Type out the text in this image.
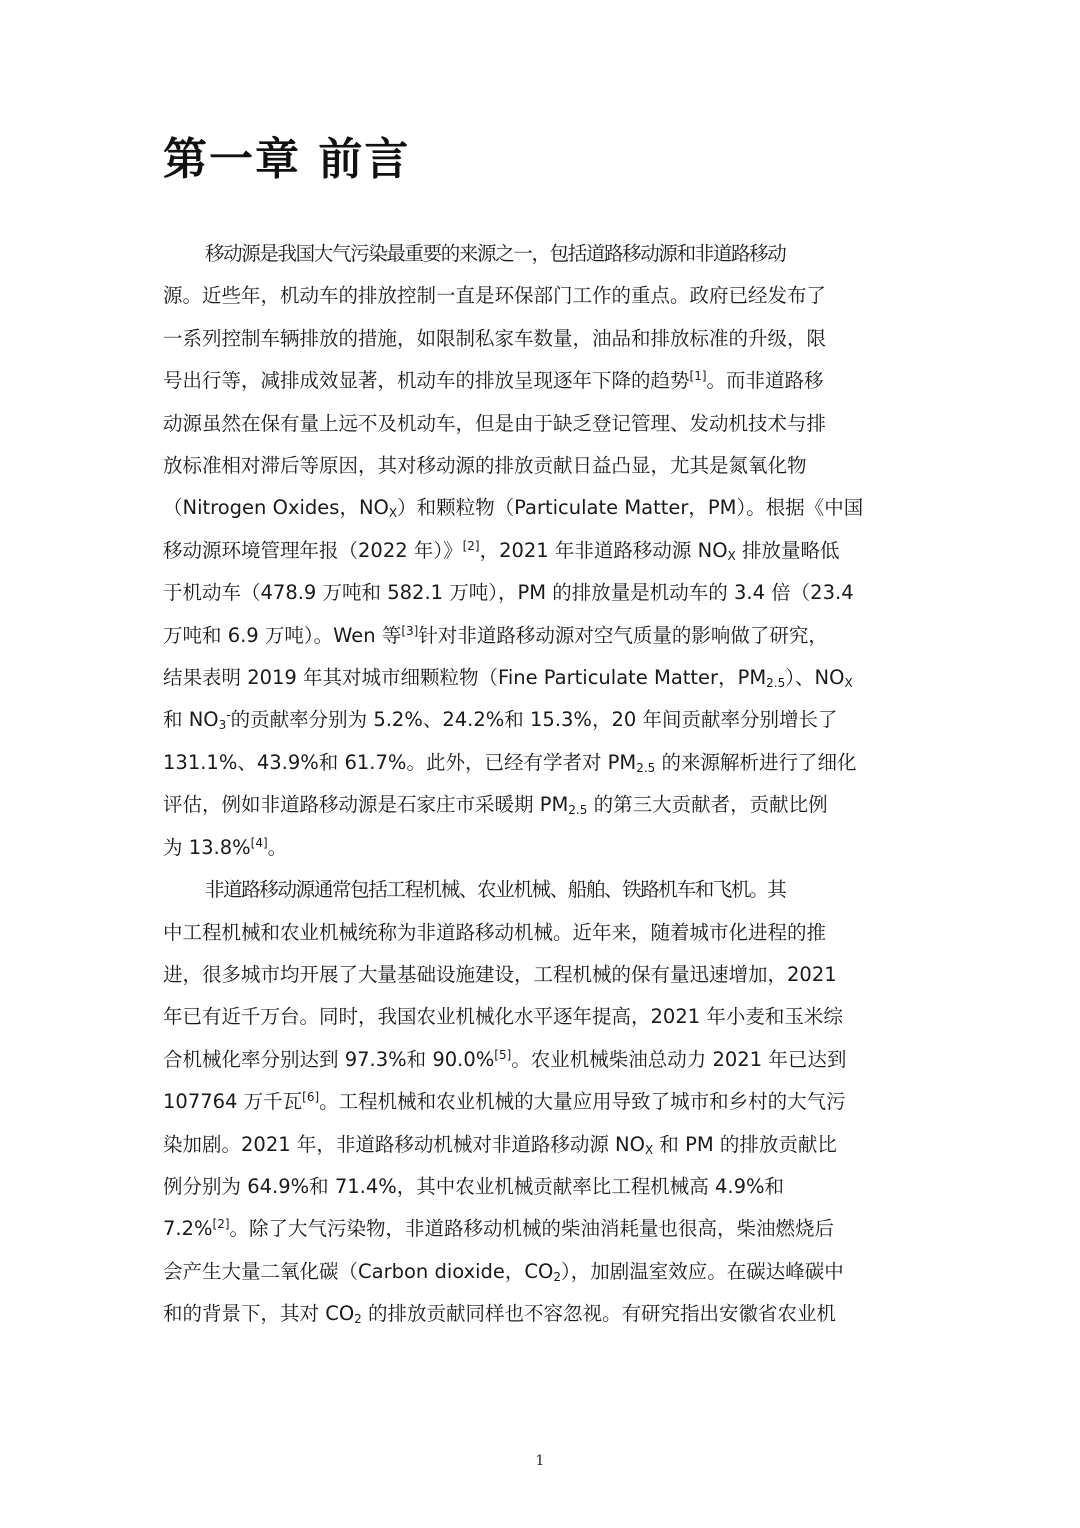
第一章 前言

移动源是我国大气污染最重要的来源之一，包括道路移动源和非道路移动
源。近些年，机动车的排放控制一直是环保部门工作的重点。政府已经发布了
一系列控制车辆排放的措施，如限制私家车数量，油品和排放标准的升级，限
号出行等，减排成效显著，机动车的排放呈现逐年下降的趋势[1]。而非道路移
动源虽然在保有量上远不及机动车，但是由于缺乏登记管理、发动机技术与排
放标准相对滞后等原因，其对移动源的排放贡献日益凸显，尤其是氮氧化物
（Nitrogen Oxides，$NO_X$）和颗粒物（Particulate Matter，PM）。根据《中国
移动源环境管理年报（2022 年）》[2]，2021 年非道路移动源 $NO_X$ 排放量略低
于机动车（478.9 万吨和 582.1 万吨），PM 的排放量是机动车的 3.4 倍（23.4
万吨和 6.9 万吨）。Wen 等[3]针对非道路移动源对空气质量的影响做了研究，
结果表明 2019 年其对城市细颗粒物（Fine Particulate Matter，$PM_{2.5}$）、$NO_X$
和 $NO_3^-$的贡献率分别为 5.2%、24.2%和 15.3%，20 年间贡献率分别增长了
131.1%、43.9%和 61.7%。此外，已经有学者对 $PM_{2.5}$ 的来源解析进行了细化
评估，例如非道路移动源是石家庄市采暖期 $PM_{2.5}$ 的第三大贡献者，贡献比例
为 13.8%[4]。

非道路移动源通常包括工程机械、农业机械、船舶、铁路机车和飞机。其
中工程机械和农业机械统称为非道路移动机械。近年来，随着城市化进程的推
进，很多城市均开展了大量基础设施建设，工程机械的保有量迅速增加，2021
年已有近千万台。同时，我国农业机械化水平逐年提高，2021 年小麦和玉米综
合机械化率分别达到 97.3%和 90.0%[5]。农业机械柴油总动力 2021 年已达到
107764 万千瓦[6]。工程机械和农业机械的大量应用导致了城市和乡村的大气污
染加剧。2021 年，非道路移动机械对非道路移动源 $NO_X$ 和 PM 的排放贡献比
例分别为 64.9%和 71.4%，其中农业机械贡献率比工程机械高 4.9%和
7.2%[2]。除了大气污染物，非道路移动机械的柴油消耗量也很高，柴油燃烧后
会产生大量二氧化碳（Carbon dioxide，$CO_2$），加剧温室效应。在碳达峰碳中
和的背景下，其对 $CO_2$ 的排放贡献同样也不容忽视。有研究指出安徽省农业机

1
